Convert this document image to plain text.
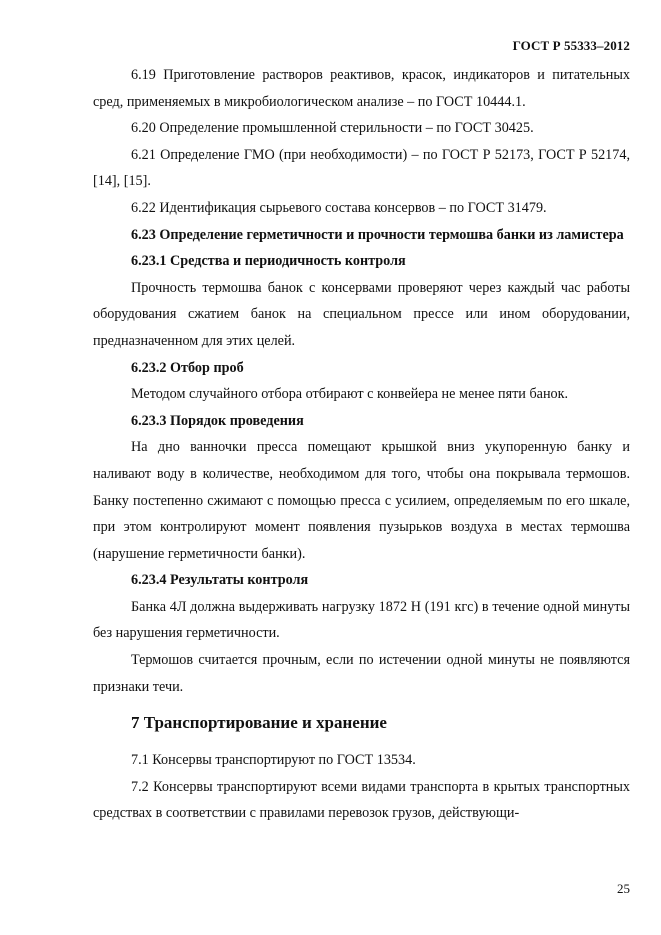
ГОСТ Р 55333–2012

6.19 Приготовление растворов реактивов, красок, индикаторов и питательных сред, применяемых в микробиологическом анализе – по ГОСТ 10444.1.

6.20 Определение промышленной стерильности – по ГОСТ 30425.

6.21 Определение ГМО (при необходимости) – по ГОСТ Р 52173, ГОСТ Р 52174, [14], [15].

6.22 Идентификация сырьевого состава консервов – по ГОСТ 31479.

6.23 Определение герметичности и прочности термошва банки из ламистера

6.23.1 Средства и периодичность контроля

Прочность термошва банок с консервами проверяют через каждый час работы оборудования сжатием банок на специальном прессе или ином оборудовании, предназначенном для этих целей.

6.23.2 Отбор проб

Методом случайного отбора отбирают с конвейера не менее пяти банок.

6.23.3 Порядок проведения

На дно ванночки пресса помещают крышкой вниз укупоренную банку и наливают воду в количестве, необходимом для того, чтобы она покрывала термошов. Банку постепенно сжимают с помощью пресса с усилием, определяемым по его шкале, при этом контролируют момент появления пузырьков воздуха в местах термошва (нарушение герметичности банки).

6.23.4 Результаты контроля

Банка 4Л должна выдерживать нагрузку 1872 Н (191 кгс) в течение одной минуты без нарушения герметичности.

Термошов считается прочным, если по истечении одной минуты не появляются признаки течи.

7 Транспортирование и хранение

7.1 Консервы транспортируют по ГОСТ 13534.

7.2 Консервы транспортируют всеми видами транспорта в крытых транспортных средствах в соответствии с правилами перевозок грузов, действующи-

25
